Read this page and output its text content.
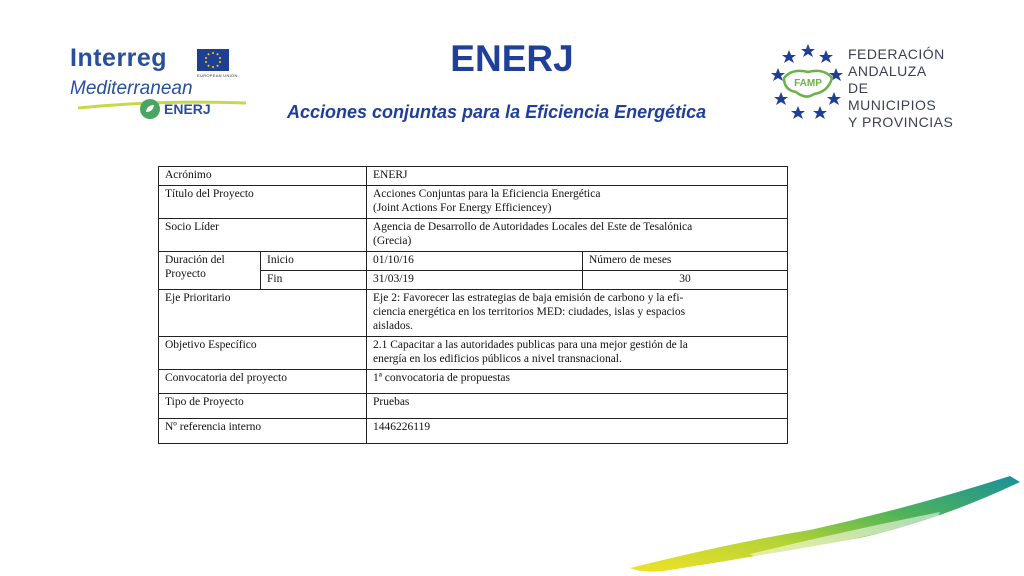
Interreg
EUROPEAN UNION
Mediterranean
ENERJ
ENERJ
Acciones conjuntas para la Eficiencia Energética
FAMP
FEDERACIÓN
ANDALUZA
DE MUNICIPIOS
Y PROVINCIAS
Acrónimo		ENERJ	
Título del Proyecto		Acciones Conjuntas para la Eficiencia Energética
(Joint Actions For Energy Efficiencey)	

Socio Líder		Agencia de Desarrollo de Autoridades Locales del Este de Tesalónica
(Grecia)	

Duración del
Proyecto	Inicio	01/10/16	Número de meses
	Fin	31/03/19	30
Eje Prioritario		Eje 2: Favorecer las estrategias de baja emisión de carbono y la efi-
ciencia energética en los territorios MED: ciudades, islas y espacios
aislados.	

Objetivo Específico		2.1 Capacitar a las autoridades publicas para una mejor gestión de la
energía en los edificios públicos a nivel transnacional.	

Convocatoria del proyecto		1ª convocatoria de propuestas	
Tipo de Proyecto		Pruebas	
Nº referencia interno		1446226119	
